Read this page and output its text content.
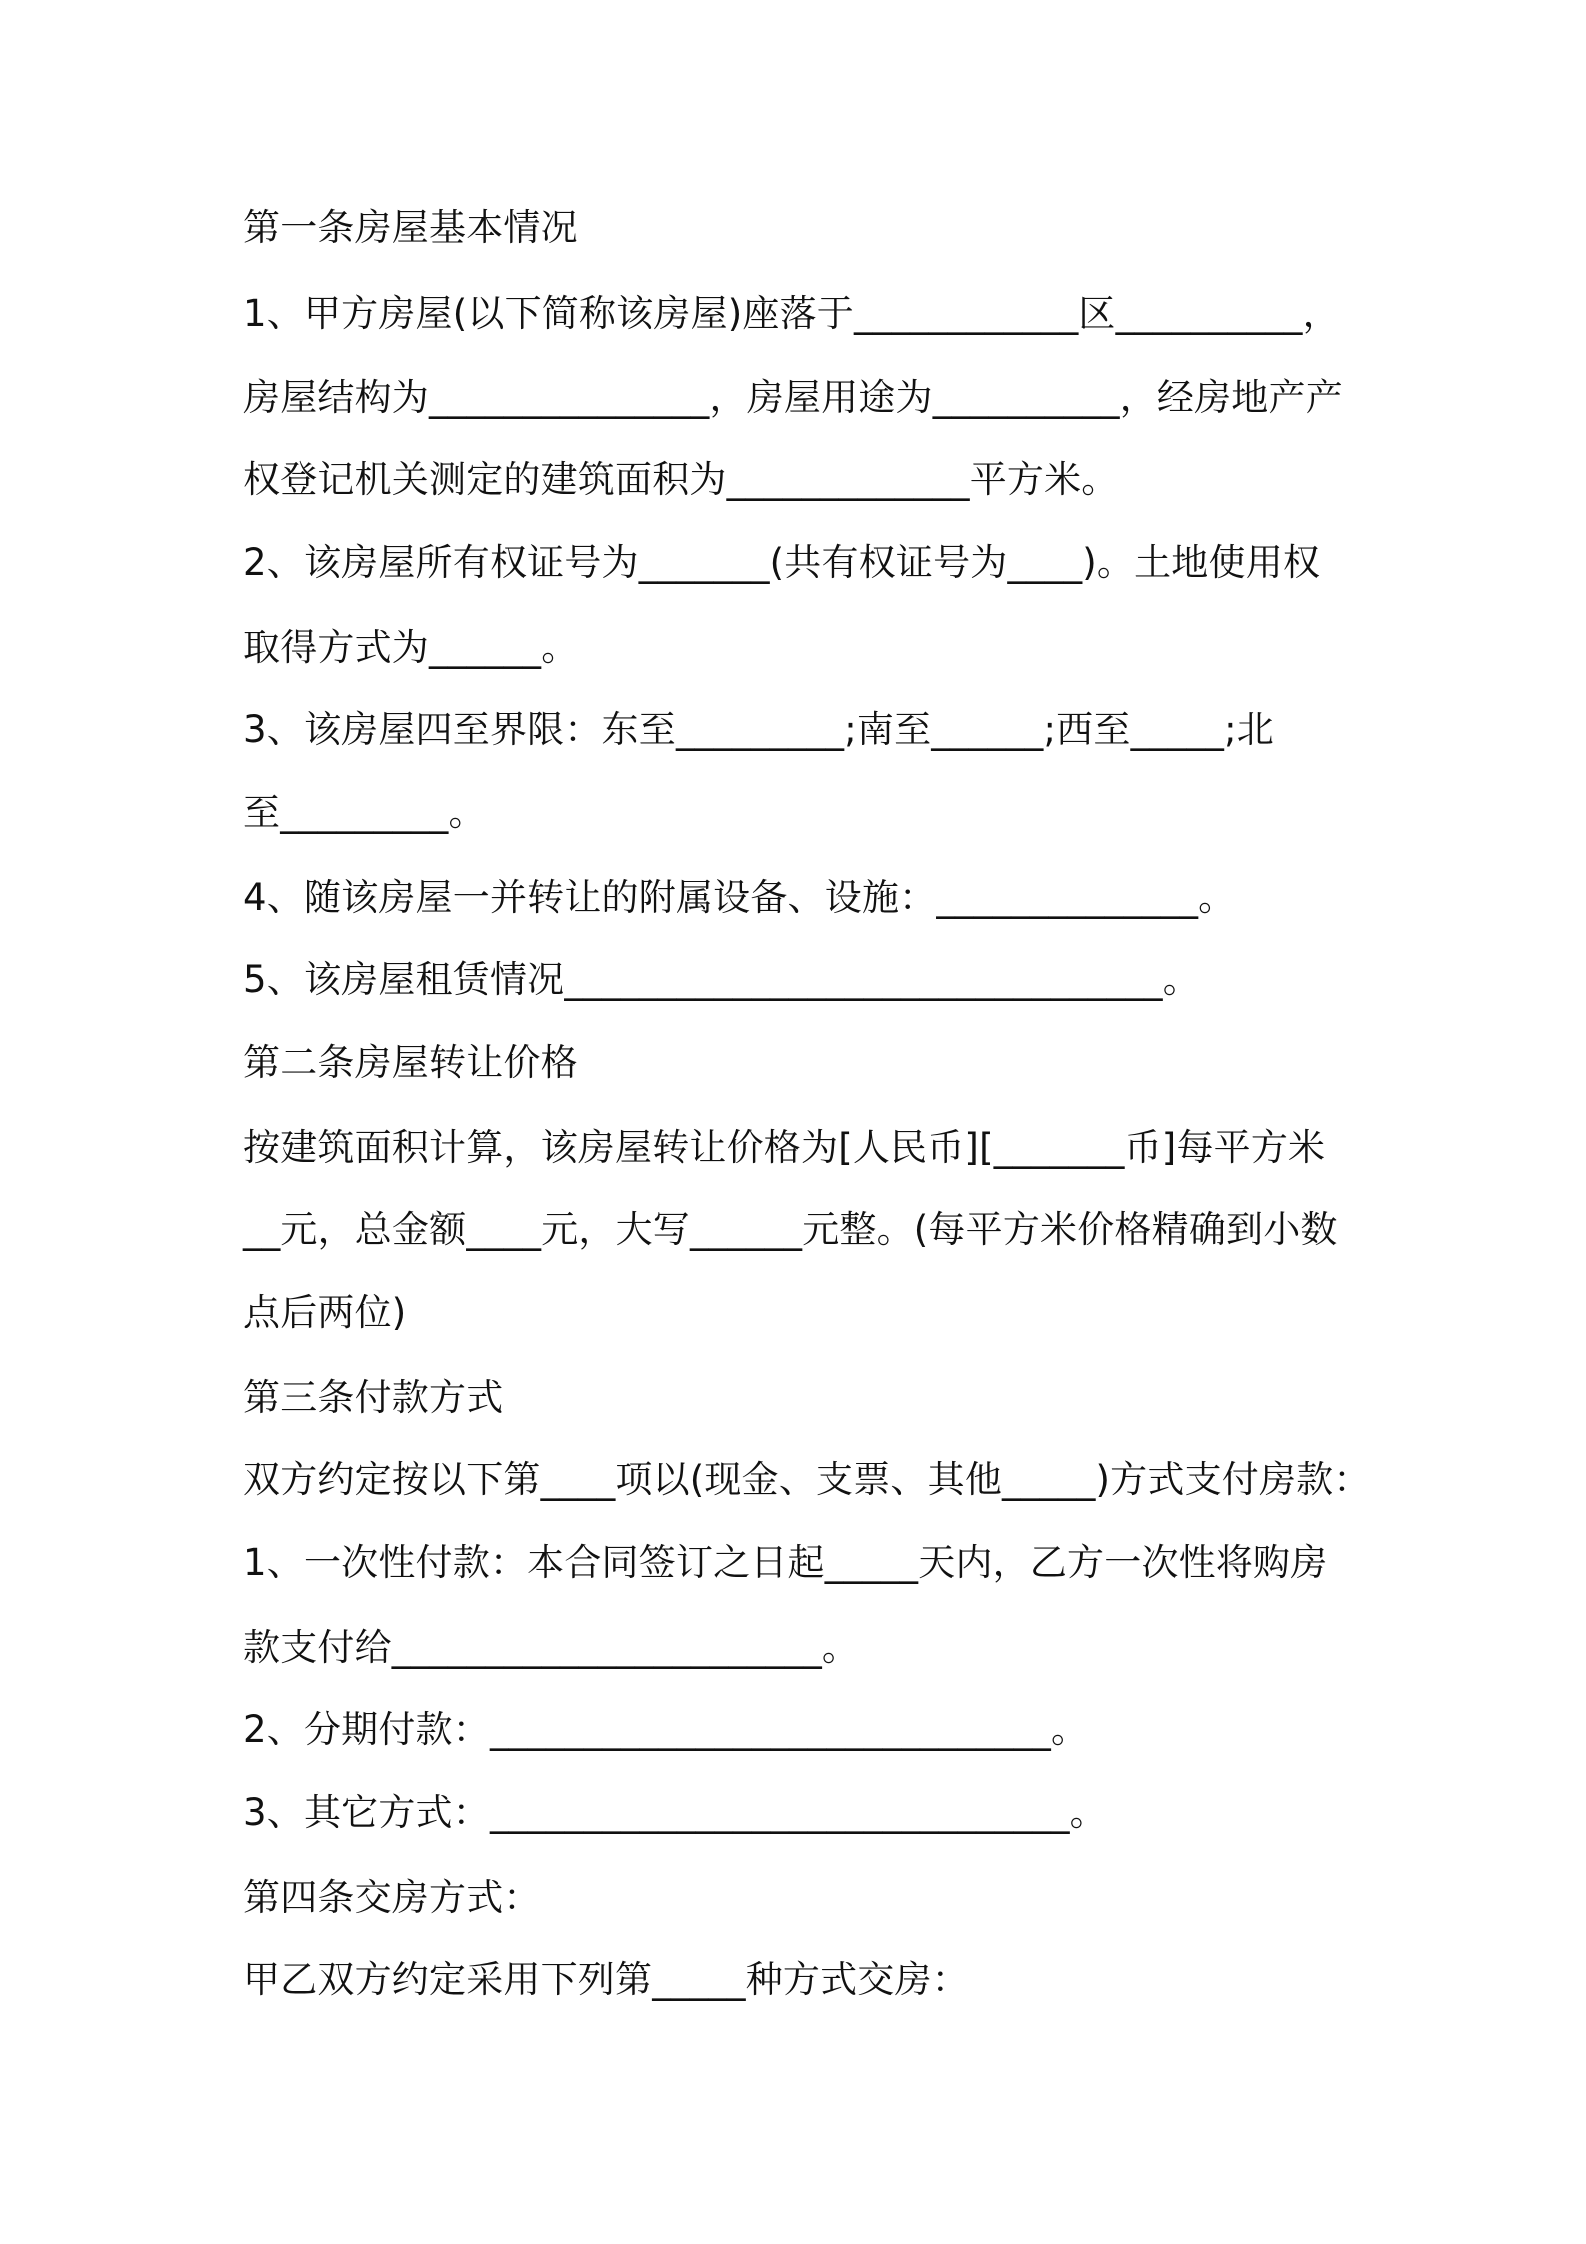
第一条房屋基本情况
1、甲方房屋(以下简称该房屋)座落于____________区__________，
房屋结构为_______________，房屋用途为__________，经房地产产
权登记机关测定的建筑面积为_____________平方米。
2、该房屋所有权证号为_______(共有权证号为____)。土地使用权
取得方式为______。
3、该房屋四至界限：东至_________;南至______;西至_____;北
至_________。
4、随该房屋一并转让的附属设备、设施：______________。
5、该房屋租赁情况________________________________。
第二条房屋转让价格
按建筑面积计算，该房屋转让价格为[人民币][_______币]每平方米
__元，总金额____元，大写______元整。(每平方米价格精确到小数
点后两位)
第三条付款方式
双方约定按以下第____项以(现金、支票、其他_____)方式支付房款：
1、一次性付款：本合同签订之日起_____天内，乙方一次性将购房
款支付给_______________________。
2、分期付款：______________________________。
3、其它方式：_______________________________。
第四条交房方式：
甲乙双方约定采用下列第_____种方式交房：
